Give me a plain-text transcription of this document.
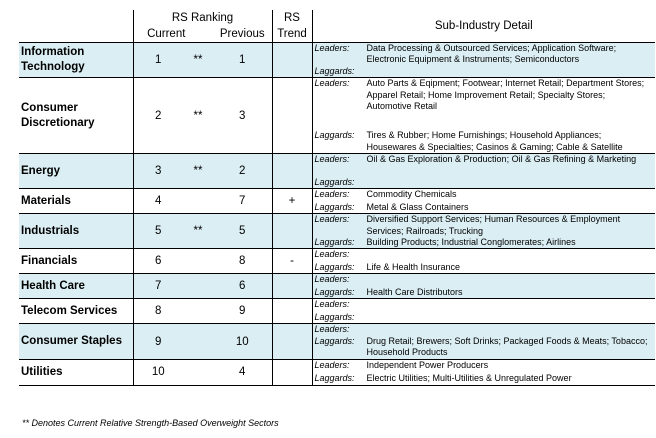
	RS Ranking			RS	Sub-Industry Detail
	Current		Previous	Trend	
Information Technology	1	**	1		Leaders: Data Processing & Outsourced Services; Application Software; Electronic Equipment & Instruments; Semiconductors
Laggards:

Consumer Discretionary	2	**	3		Leaders: Auto Parts & Eqipment; Footwear; Internet Retail; Department Stores; Apparel Retail; Home Improvement Retail; Specialty Stores; Automotive Retail
Laggards: Tires & Rubber; Home Furnishings; Household Appliances; Housewares & Specialties; Casinos & Gaming; Cable & Satellite

Energy	3	**	2		Leaders: Oil & Gas Exploration & Production; Oil & Gas Refining & Marketing
Laggards:

Materials	4		7	+	Leaders: Commodity Chemicals
Laggards: Metal & Glass Containers

Industrials	5	**	5		Leaders: Diversified Support Services; Human Resources & Employment Services; Railroads; Trucking
Laggards: Building Products; Industrial Conglomerates; Airlines

Financials	6		8	-	Leaders:
Laggards: Life & Health Insurance

Health Care	7		6		Leaders:
Laggards: Health Care Distributors

Telecom Services	8		9		Leaders:
Laggards:

Consumer Staples	9		10		Leaders:
Laggards: Drug Retail; Brewers; Soft Drinks; Packaged Foods & Meats; Tobacco; Household Products

Utilities	10		4		Leaders: Independent Power Producers
Laggards: Electric Utilities; Multi-Utilities & Unregulated Power
** Denotes Current Relative Strength-Based Overweight Sectors
